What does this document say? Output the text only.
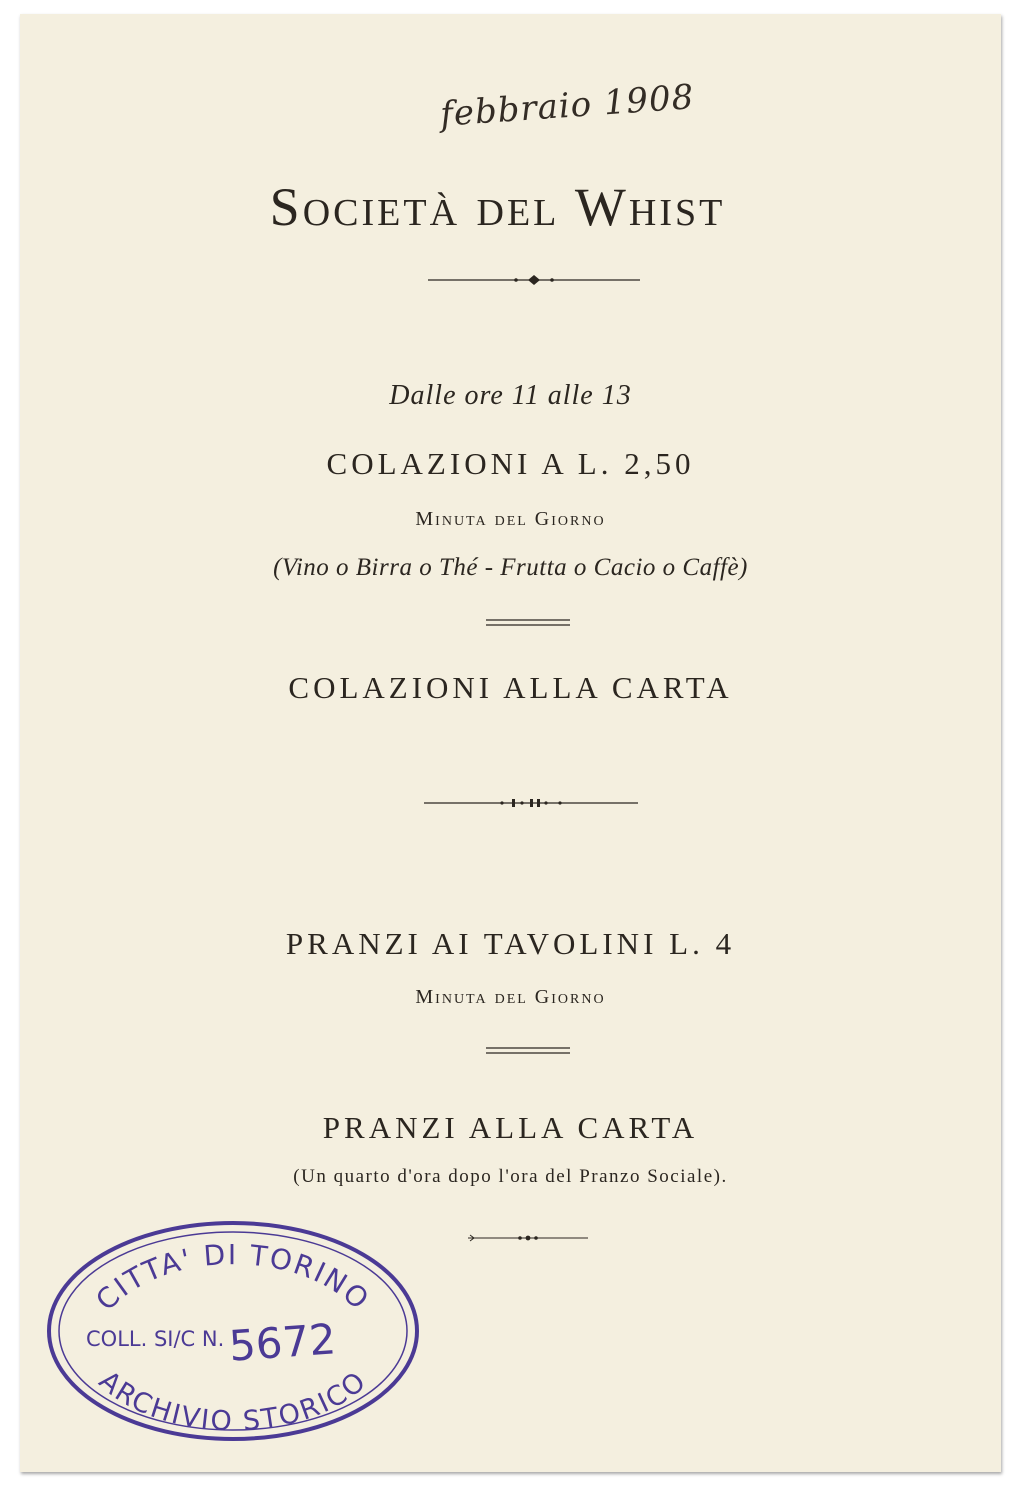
febbraio 1908
Società del Whist
Dalle ore 11 alle 13
COLAZIONI A L. 2,50
Minuta del Giorno
(Vino o Birra o Thé - Frutta o Cacio o Caffè)
COLAZIONI ALLA CARTA
PRANZI AI TAVOLINI L. 4
Minuta del Giorno
PRANZI ALLA CARTA
(Un quarto d'ora dopo l'ora del Pranzo Sociale).
CITTA' DI TORINO
COLL. SI/C N.
ARCHIVIO STORICO
5672
